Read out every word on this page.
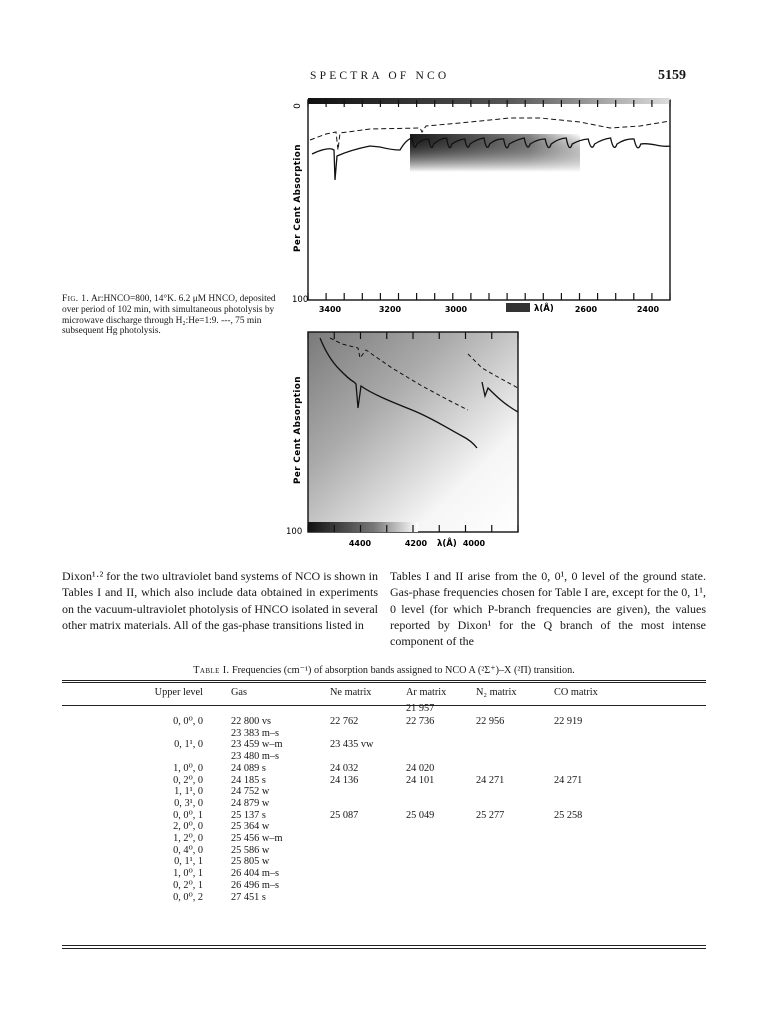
SPECTRA OF NCO	5159
0
100
Per Cent Absorption
3400	3200	3000	2600	2400
λ(Å)
100
Per Cent Absorption
4400	4200	4000
λ(Å)
Fig. 1. Ar:HNCO=800, 14°K. 6.2 μM HNCO, deposited over period of 102 min, with simultaneous photolysis by microwave discharge through H₂:He=1:9. ---, 75 min subsequent Hg photolysis.

Dixon¹·² for the two ultraviolet band systems of NCO is shown in Tables I and II, which also include data obtained in experiments on the vacuum-ultraviolet photolysis of HNCO isolated in several other matrix materials. All of the gas-phase transitions listed in

Tables I and II arise from the 0, 0¹, 0 level of the ground state. Gas-phase frequencies chosen for Table I are, except for the 0, 1¹, 0 level (for which P-branch frequencies are given), the values reported by Dixon¹ for the Q branch of the most intense component of the

Table I. Frequencies (cm⁻¹) of absorption bands assigned to NCO A (²Σ⁺)–X (²Π) transition.
Upper level	Gas	Ne matrix	Ar matrix	N₂ matrix	CO matrix
			21 957		
0, 0⁰, 0	22 800 vs	22 762	22 736	22 956	22 919
	23 383 m–s				
0, 1¹, 0	23 459 w–m	23 435 vw			
	23 480 m–s				
1, 0⁰, 0	24 089 s	24 032	24 020		
0, 2⁰, 0	24 185 s	24 136	24 101	24 271	24 271
1, 1¹, 0	24 752 w				
0, 3¹, 0	24 879 w				
0, 0⁰, 1	25 137 s	25 087	25 049	25 277	25 258
2, 0⁰, 0	25 364 w				
1, 2⁰, 0	25 456 w–m				
0, 4⁰, 0	25 586 w				
0, 1¹, 1	25 805 w				
1, 0⁰, 1	26 404 m–s				
0, 2⁰, 1	26 496 m–s				
0, 0⁰, 2	27 451 s				
